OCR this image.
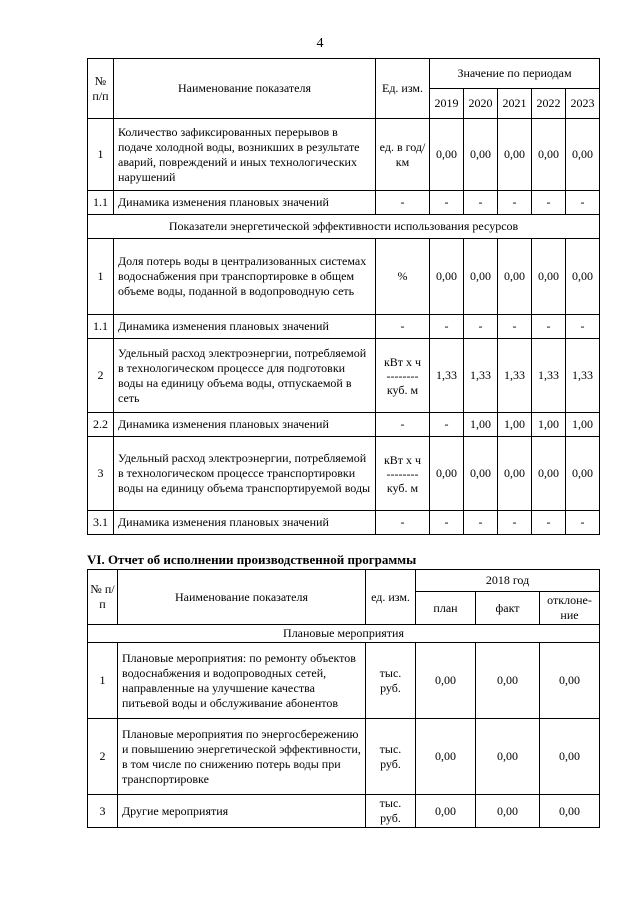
4
№ п/п	Наименование показателя	Ед. изм.	Значение по периодам				
			2019	2020	2021	2022	2023
1	Количество зафиксированных перерывов в подаче холодной воды, возникших в результате аварий, повреждений и иных технологических нарушений	ед. в год/км	0,00	0,00	0,00	0,00	0,00
1.1	Динамика изменения плановых значений	-	-	-	-	-	-
Показатели энергетической эффективности использования ресурсов							
1	Доля потерь воды в централизованных системах водоснабжения при транспортировке в общем объеме воды, поданной в водопроводную сеть	%	0,00	0,00	0,00	0,00	0,00
1.1	Динамика изменения плановых значений	-	-	-	-	-	-
2	Удельный расход электроэнергии, потребляемой в технологическом процессе для подготовки воды на единицу объема воды, отпускаемой в сеть	кВт х ч
--------
куб. м	1,33	1,33	1,33	1,33	1,33
2.2	Динамика изменения плановых значений	-	-	1,00	1,00	1,00	1,00
3	Удельный расход электроэнергии, потребляемой в технологическом процессе транспортировки воды на единицу объема транспортируемой воды	кВт х ч
--------
куб. м	0,00	0,00	0,00	0,00	0,00
3.1	Динамика изменения плановых значений	-	-	-	-	-	-
VI. Отчет об исполнении производственной программы
№ п/п	Наименование показателя	ед. изм.	2018 год		
			план	факт	отклоне-ние
Плановые мероприятия					
1	Плановые мероприятия: по ремонту объектов водоснабжения и водопроводных сетей, направленные на улучшение качества питьевой воды и обслуживание абонентов	тыс. руб.	0,00	0,00	0,00
2	Плановые мероприятия по энергосбережению и повышению энергетической эффективности, в том числе по снижению потерь воды при транспортировке	тыс. руб.	0,00	0,00	0,00
3	Другие мероприятия	тыс. руб.	0,00	0,00	0,00
